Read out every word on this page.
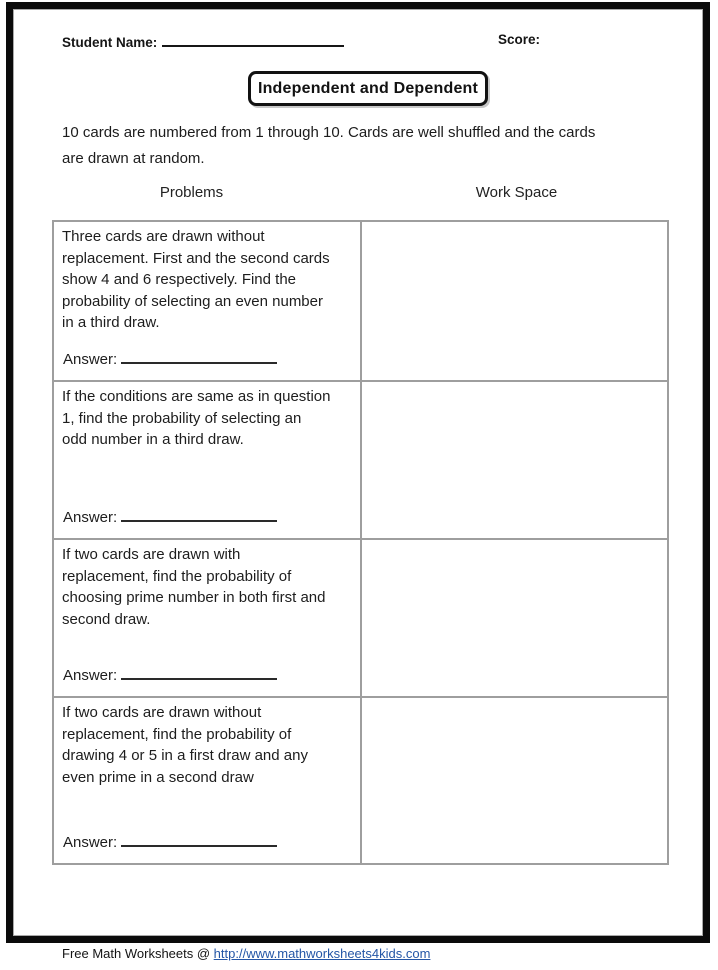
Student Name:	Score:
Independent and Dependent
10 cards are numbered from 1 through 10. Cards are well shuffled and the cards
are drawn at random.
Problems	Work Space
Three cards are drawn without
replacement. First and the second cards
show 4 and 6 respectively. Find the
probability of selecting an even number
in a third draw.
Answer:
If the conditions are same as in question
1, find the probability of selecting an
odd number in a third draw.
Answer:
If two cards are drawn with
replacement, find the probability of
choosing prime number in both first and
second draw.
Answer:
If two cards are drawn without
replacement, find the probability of
drawing 4 or 5 in a first draw and any
even prime in a second draw
Answer:
Free Math Worksheets @ http://www.mathworksheets4kids.com
